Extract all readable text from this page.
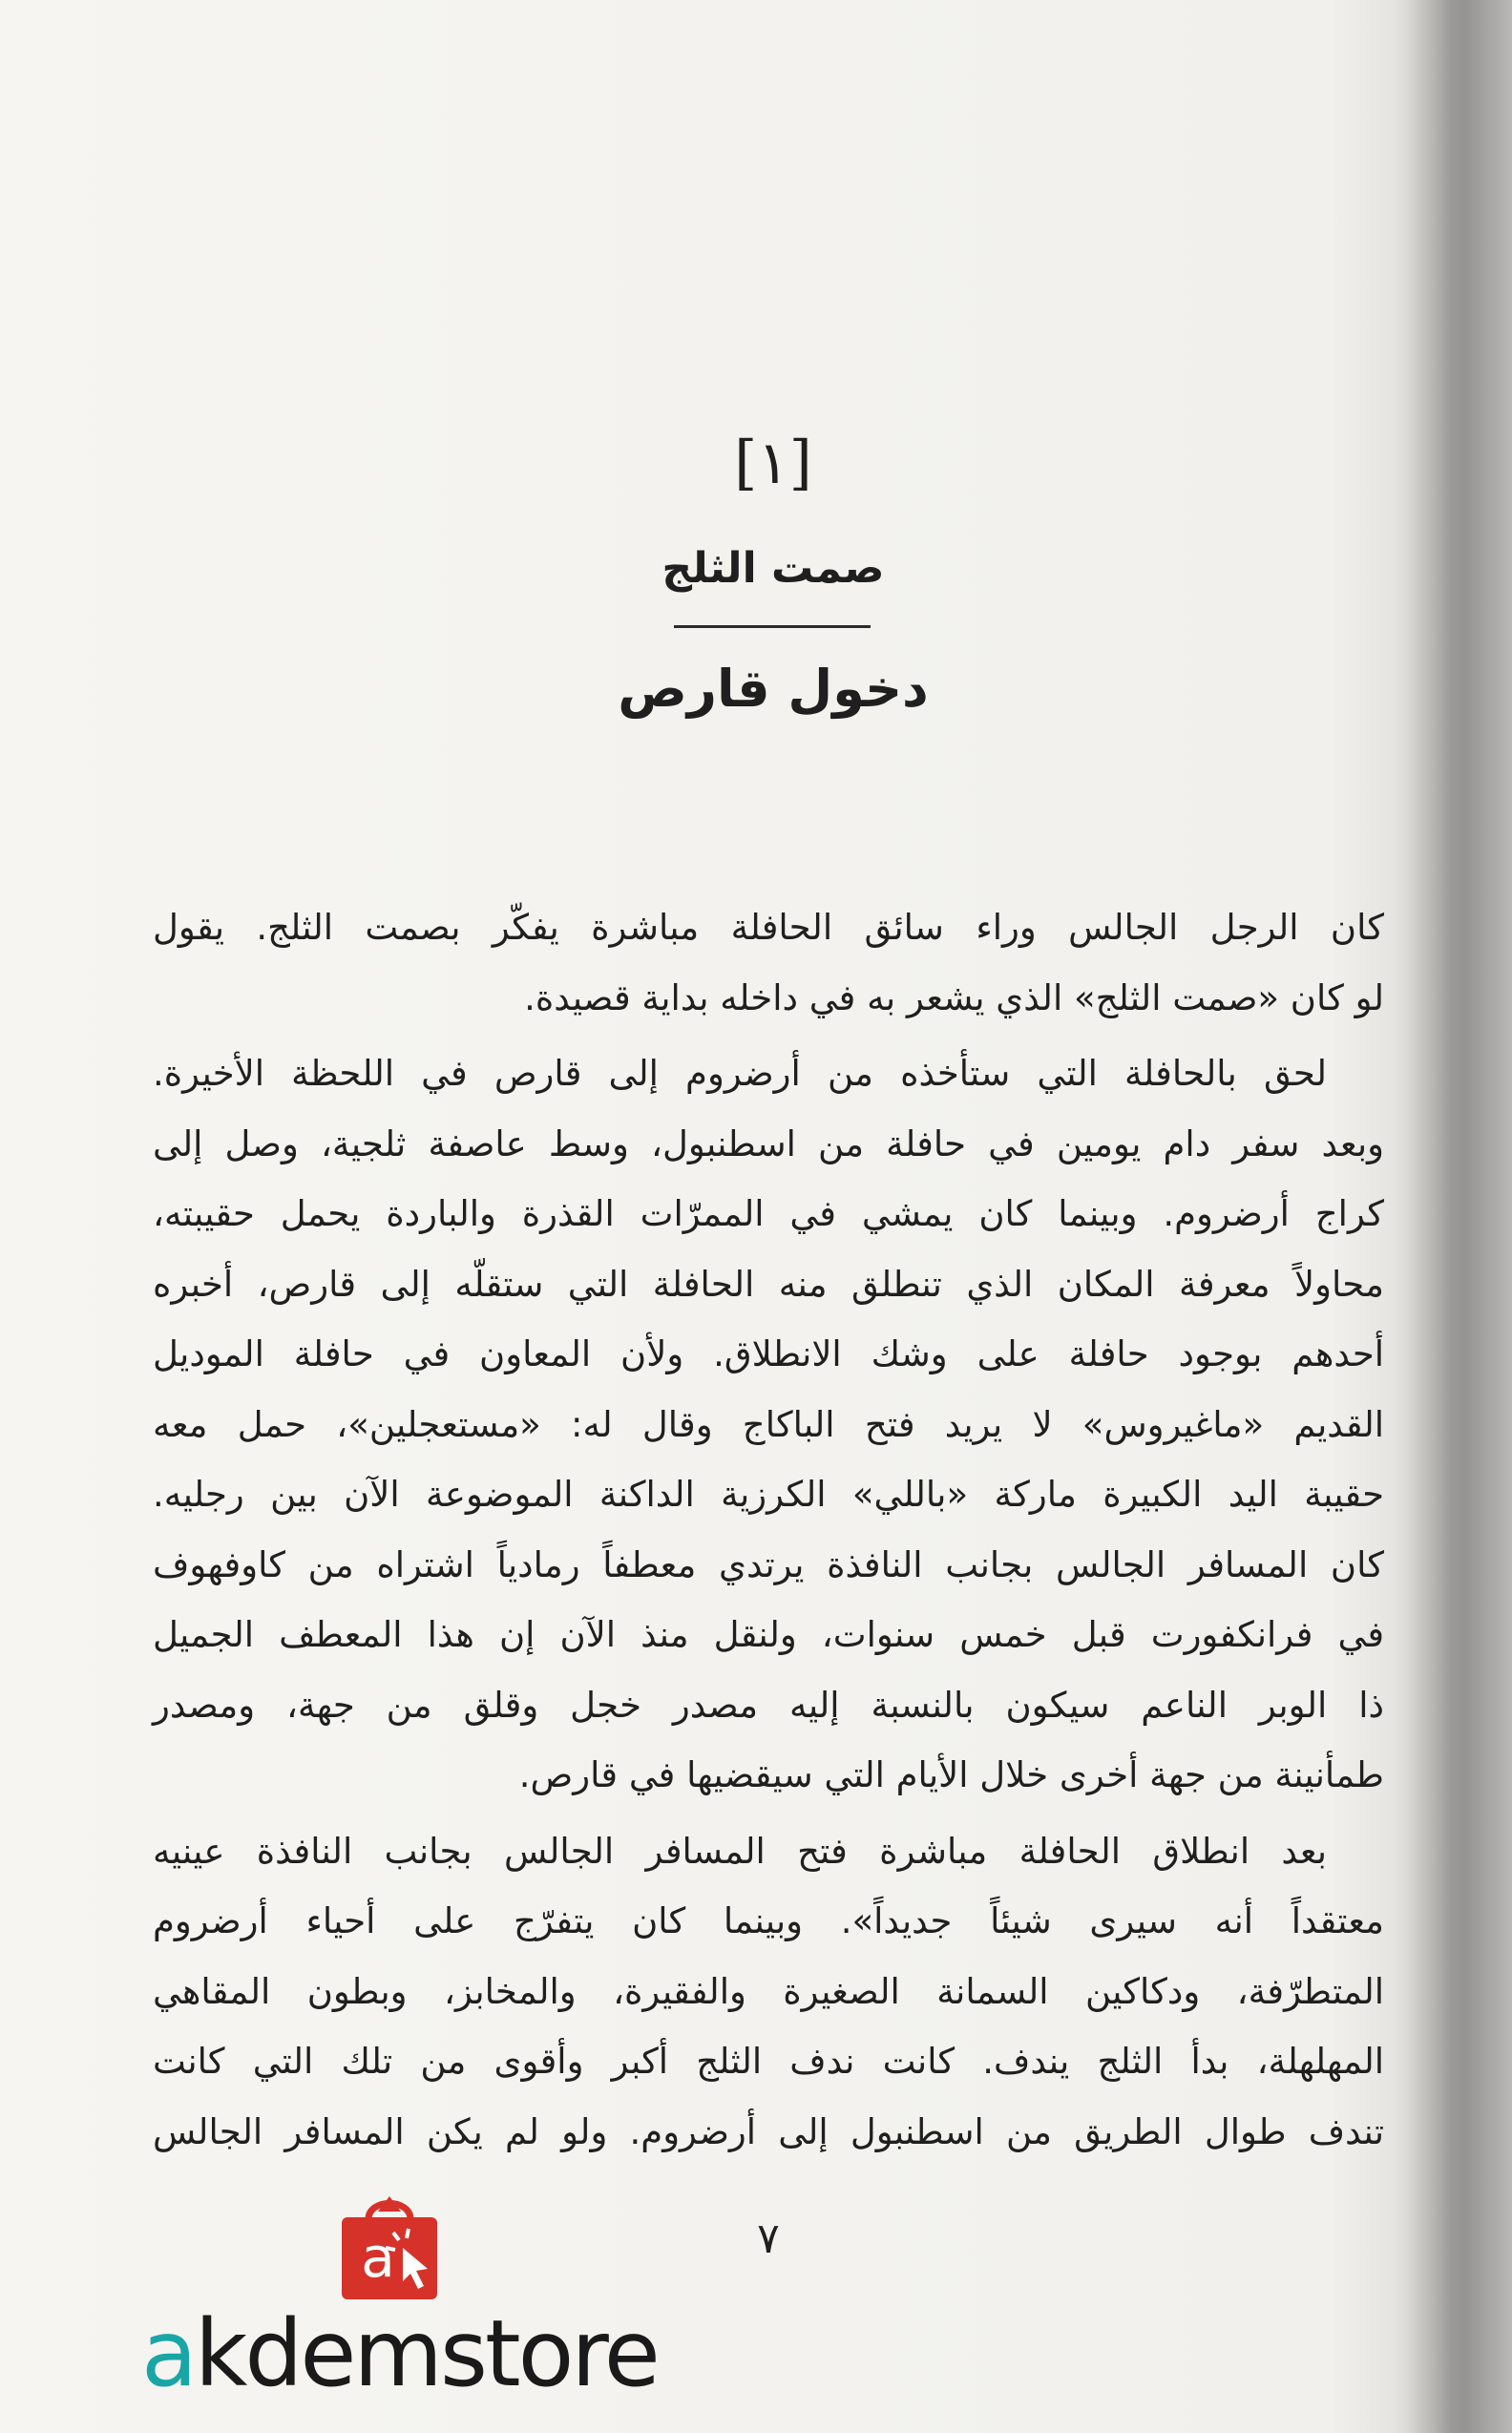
[١]
صمت الثلج
دخول قارص
كان الرجل الجالس وراء سائق الحافلة مباشرة يفكّر بصمت الثلج. يقول
لو كان «صمت الثلج» الذي يشعر به في داخله بداية قصيدة.
لحق بالحافلة التي ستأخذه من أرضروم إلى قارص في اللحظة الأخيرة.
وبعد سفر دام يومين في حافلة من اسطنبول، وسط عاصفة ثلجية، وصل إلى
كراج أرضروم. وبينما كان يمشي في الممرّات القذرة والباردة يحمل حقيبته،
محاولاً معرفة المكان الذي تنطلق منه الحافلة التي ستقلّه إلى قارص، أخبره
أحدهم بوجود حافلة على وشك الانطلاق. ولأن المعاون في حافلة الموديل
القديم «ماغيروس» لا يريد فتح الباكاج وقال له: «مستعجلين»، حمل معه
حقيبة اليد الكبيرة ماركة «باللي» الكرزية الداكنة الموضوعة الآن بين رجليه.
كان المسافر الجالس بجانب النافذة يرتدي معطفاً رمادياً اشتراه من كاوفهوف
في فرانكفورت قبل خمس سنوات، ولنقل منذ الآن إن هذا المعطف الجميل
ذا الوبر الناعم سيكون بالنسبة إليه مصدر خجل وقلق من جهة، ومصدر
طمأنينة من جهة أخرى خلال الأيام التي سيقضيها في قارص.
بعد انطلاق الحافلة مباشرة فتح المسافر الجالس بجانب النافذة عينيه
معتقداً أنه سيرى شيئاً جديداً». وبينما كان يتفرّج على أحياء أرضروم
المتطرّفة، ودكاكين السمانة الصغيرة والفقيرة، والمخابز، وبطون المقاهي
المهلهلة، بدأ الثلج يندف. كانت ندف الثلج أكبر وأقوى من تلك التي كانت
تندف طوال الطريق من اسطنبول إلى أرضروم. ولو لم يكن المسافر الجالس
٧
a
akdemstore
